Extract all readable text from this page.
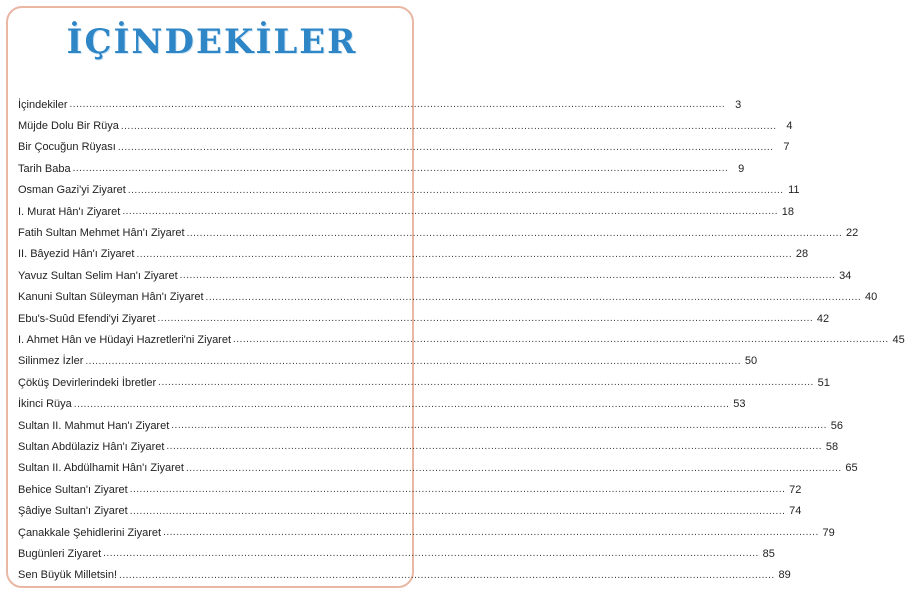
İÇİNDEKİLER
İçindekiler ........................................................................................................................................................................................................ 3
Müjde Dolu Bir Rüya ........................................................................................................................................................................................................ 4
Bir Çocuğun Rüyası ........................................................................................................................................................................................................ 7
Tarih Baba ........................................................................................................................................................................................................ 9
Osman Gazi'yi Ziyaret ........................................................................................................................................................................................................ 11
I. Murat Hân'ı Ziyaret ........................................................................................................................................................................................................ 18
Fatih Sultan Mehmet Hân'ı Ziyaret ........................................................................................................................................................................................................ 22
II. Bâyezid Hân'ı Ziyaret ........................................................................................................................................................................................................ 28
Yavuz Sultan Selim Han'ı Ziyaret ........................................................................................................................................................................................................ 34
Kanuni Sultan Süleyman Hân'ı Ziyaret ........................................................................................................................................................................................................ 40
Ebu's-Suûd Efendi'yi Ziyaret ........................................................................................................................................................................................................ 42
I. Ahmet Hân ve Hüdayi Hazretleri'ni Ziyaret ........................................................................................................................................................................................................ 45
Silinmez İzler ........................................................................................................................................................................................................ 50
Çöküş Devirlerindeki İbretler ........................................................................................................................................................................................................ 51
İkinci Rüya ........................................................................................................................................................................................................ 53
Sultan II. Mahmut Han'ı Ziyaret ........................................................................................................................................................................................................ 56
Sultan Abdülaziz Hân'ı Ziyaret ........................................................................................................................................................................................................ 58
Sultan II. Abdülhamit Hân'ı Ziyaret ........................................................................................................................................................................................................ 65
Behice Sultan'ı Ziyaret ........................................................................................................................................................................................................ 72
Şâdiye Sultan'ı Ziyaret ........................................................................................................................................................................................................ 74
Çanakkale Şehidlerini Ziyaret ........................................................................................................................................................................................................ 79
Bugünleri Ziyaret ........................................................................................................................................................................................................ 85
Sen Büyük Milletsin! ........................................................................................................................................................................................................ 89
